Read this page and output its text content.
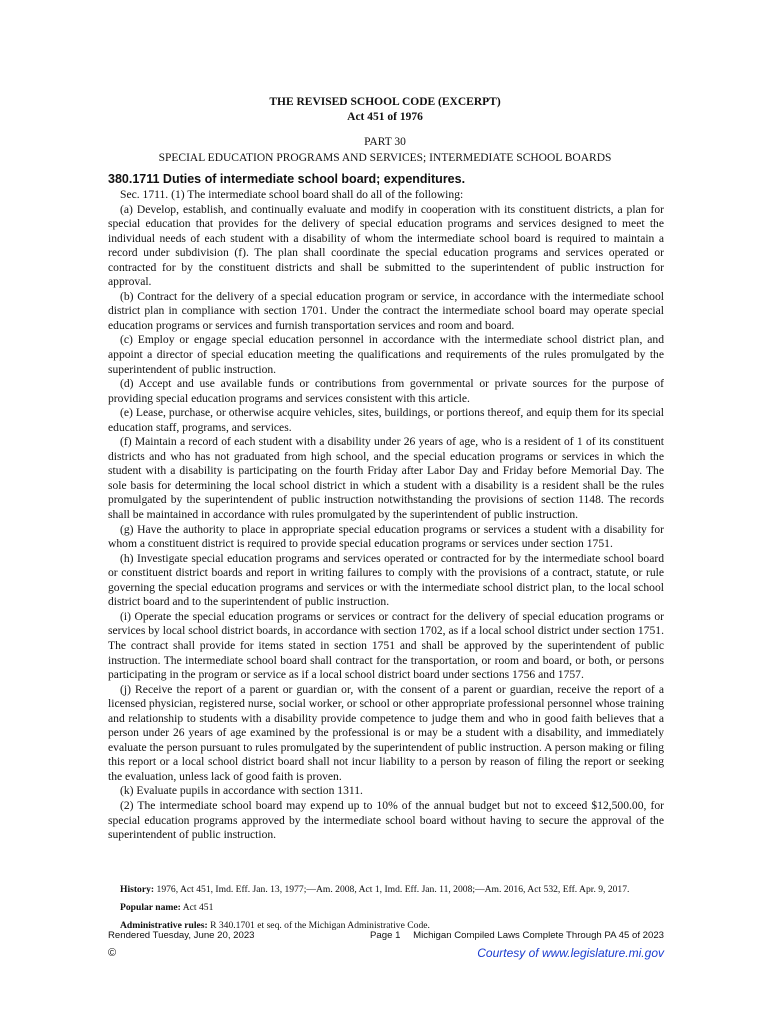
THE REVISED SCHOOL CODE (EXCERPT)
Act 451 of 1976
PART 30
SPECIAL EDUCATION PROGRAMS AND SERVICES; INTERMEDIATE SCHOOL BOARDS
380.1711 Duties of intermediate school board; expenditures.

Sec. 1711. (1) The intermediate school board shall do all of the following:

(a) Develop, establish, and continually evaluate and modify in cooperation with its constituent districts, a plan for special education that provides for the delivery of special education programs and services designed to meet the individual needs of each student with a disability of whom the intermediate school board is required to maintain a record under subdivision (f). The plan shall coordinate the special education programs and services operated or contracted for by the constituent districts and shall be submitted to the superintendent of public instruction for approval.

(b) Contract for the delivery of a special education program or service, in accordance with the intermediate school district plan in compliance with section 1701. Under the contract the intermediate school board may operate special education programs or services and furnish transportation services and room and board.

(c) Employ or engage special education personnel in accordance with the intermediate school district plan, and appoint a director of special education meeting the qualifications and requirements of the rules promulgated by the superintendent of public instruction.

(d) Accept and use available funds or contributions from governmental or private sources for the purpose of providing special education programs and services consistent with this article.

(e) Lease, purchase, or otherwise acquire vehicles, sites, buildings, or portions thereof, and equip them for its special education staff, programs, and services.

(f) Maintain a record of each student with a disability under 26 years of age, who is a resident of 1 of its constituent districts and who has not graduated from high school, and the special education programs or services in which the student with a disability is participating on the fourth Friday after Labor Day and Friday before Memorial Day. The sole basis for determining the local school district in which a student with a disability is a resident shall be the rules promulgated by the superintendent of public instruction notwithstanding the provisions of section 1148. The records shall be maintained in accordance with rules promulgated by the superintendent of public instruction.

(g) Have the authority to place in appropriate special education programs or services a student with a disability for whom a constituent district is required to provide special education programs or services under section 1751.

(h) Investigate special education programs and services operated or contracted for by the intermediate school board or constituent district boards and report in writing failures to comply with the provisions of a contract, statute, or rule governing the special education programs and services or with the intermediate school district plan, to the local school district board and to the superintendent of public instruction.

(i) Operate the special education programs or services or contract for the delivery of special education programs or services by local school district boards, in accordance with section 1702, as if a local school district under section 1751. The contract shall provide for items stated in section 1751 and shall be approved by the superintendent of public instruction. The intermediate school board shall contract for the transportation, or room and board, or both, or persons participating in the program or service as if a local school district board under sections 1756 and 1757.

(j) Receive the report of a parent or guardian or, with the consent of a parent or guardian, receive the report of a licensed physician, registered nurse, social worker, or school or other appropriate professional personnel whose training and relationship to students with a disability provide competence to judge them and who in good faith believes that a person under 26 years of age examined by the professional is or may be a student with a disability, and immediately evaluate the person pursuant to rules promulgated by the superintendent of public instruction. A person making or filing this report or a local school district board shall not incur liability to a person by reason of filing the report or seeking the evaluation, unless lack of good faith is proven.

(k) Evaluate pupils in accordance with section 1311.

(2) The intermediate school board may expend up to 10% of the annual budget but not to exceed $12,500.00, for special education programs approved by the intermediate school board without having to secure the approval of the superintendent of public instruction.

History: 1976, Act 451, Imd. Eff. Jan. 13, 1977;—Am. 2008, Act 1, Imd. Eff. Jan. 11, 2008;—Am. 2016, Act 532, Eff. Apr. 9, 2017.

Popular name: Act 451

Administrative rules: R 340.1701 et seq. of the Michigan Administrative Code.

Rendered Tuesday, June 20, 2023	Page 1 Michigan Compiled Laws Complete Through PA 45 of 2023
©	Courtesy of www.legislature.mi.gov
